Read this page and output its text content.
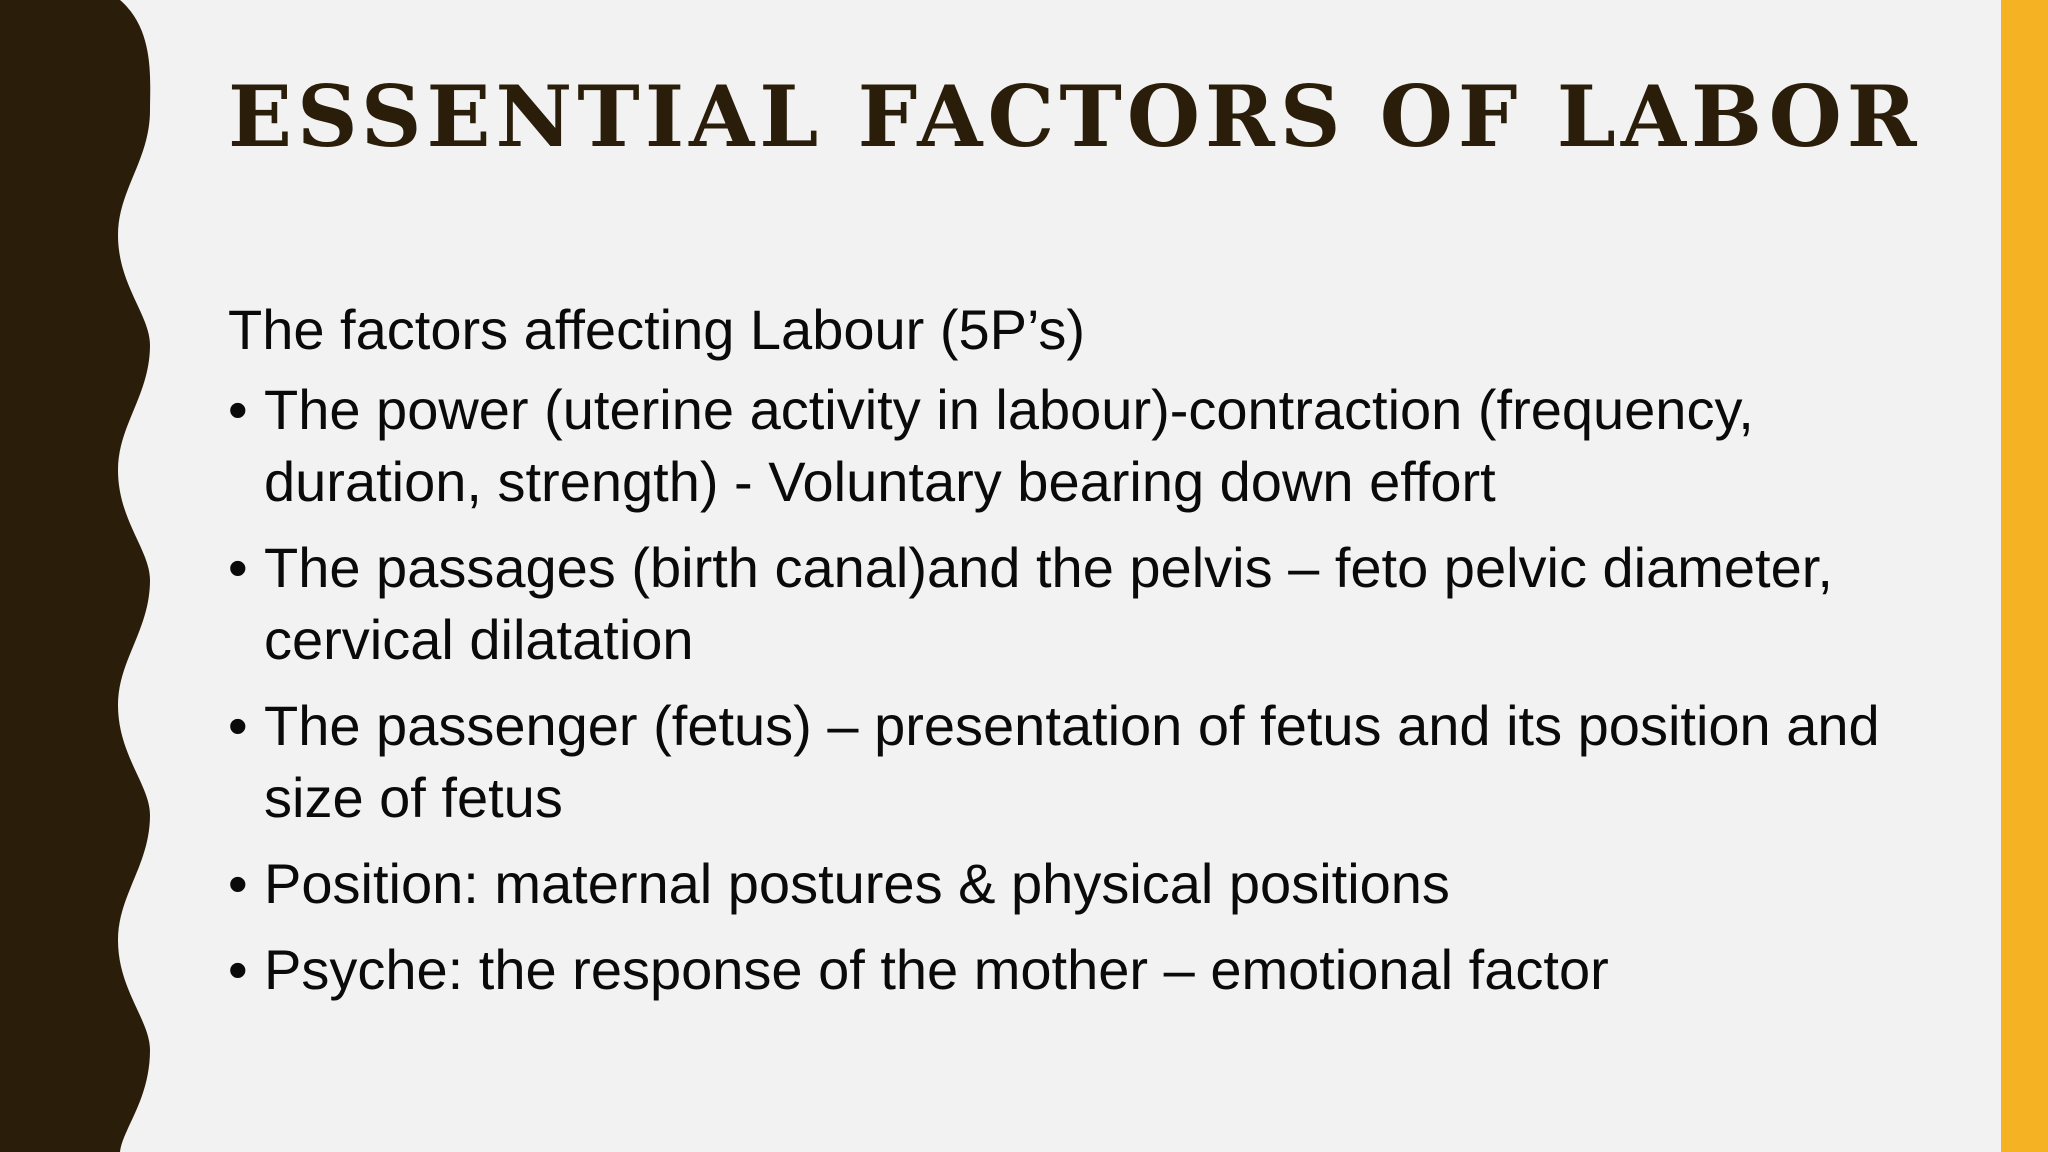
ESSENTIAL FACTORS OF LABOR

The factors affecting Labour (5P’s)

• The power (uterine activity in labour)-contraction (frequency, duration, strength) - Voluntary bearing down effort
• The passages (birth canal)and the pelvis – feto pelvic diameter, cervical dilatation
• The passenger (fetus) – presentation of fetus and its position and size of fetus
• Position: maternal postures & physical positions
• Psyche: the response of the mother – emotional factor
